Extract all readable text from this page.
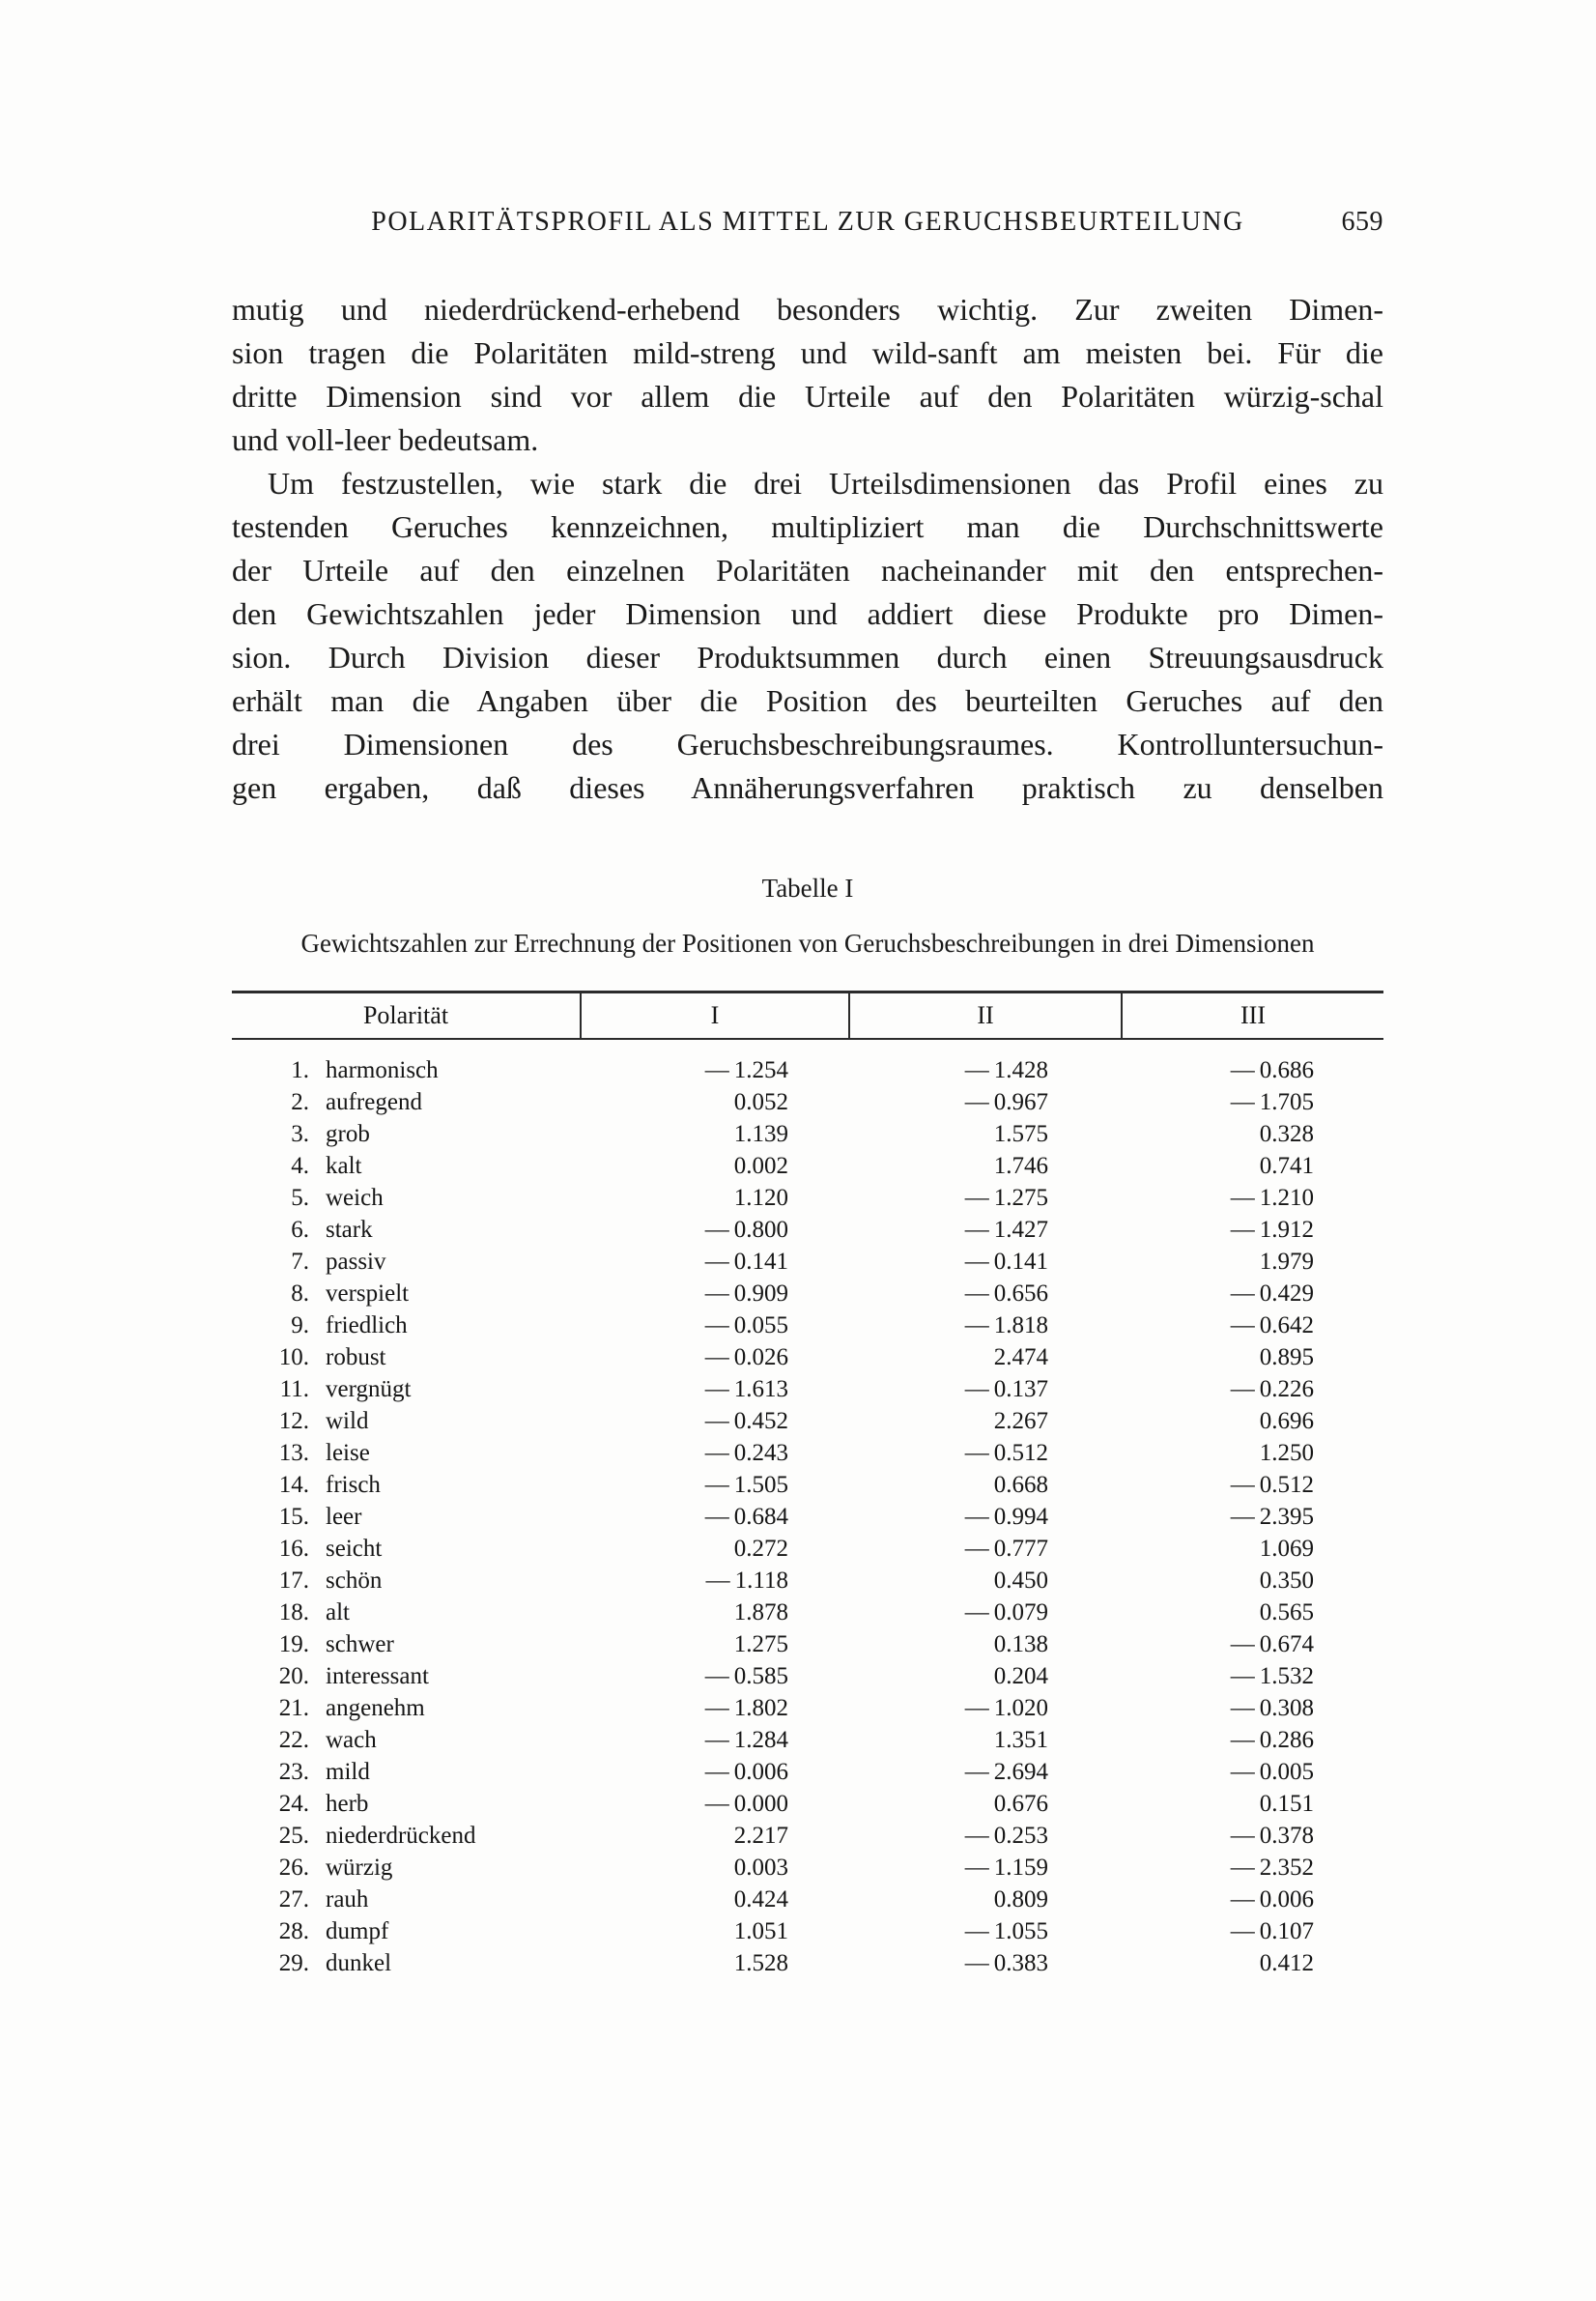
POLARITÄTSPROFIL ALS MITTEL ZUR GERUCHSBEURTEILUNG	659
mutig und niederdrückend-erhebend besonders wichtig. Zur zweiten Dimen-
sion tragen die Polaritäten mild-streng und wild-sanft am meisten bei. Für die
dritte Dimension sind vor allem die Urteile auf den Polaritäten würzig-schal
und voll-leer bedeutsam.
Um festzustellen, wie stark die drei Urteilsdimensionen das Profil eines zu
testenden Geruches kennzeichnen, multipliziert man die Durchschnittswerte
der Urteile auf den einzelnen Polaritäten nacheinander mit den entsprechen-
den Gewichtszahlen jeder Dimension und addiert diese Produkte pro Dimen-
sion. Durch Division dieser Produktsummen durch einen Streuungsausdruck
erhält man die Angaben über die Position des beurteilten Geruches auf den
drei Dimensionen des Geruchsbeschreibungsraumes. Kontrolluntersuchun-
gen ergaben, daß dieses Annäherungsverfahren praktisch zu denselben
Tabelle I
Gewichtszahlen zur Errechnung der Positionen von Geruchsbeschreibungen in drei Dimensionen
Polarität	I	II	III
1. harmonisch	— 1.254	— 1.428	— 0.686
2. aufregend	0.052	— 0.967	— 1.705
3. grob	1.139	1.575	0.328
4. kalt	0.002	1.746	0.741
5. weich	1.120	— 1.275	— 1.210
6. stark	— 0.800	— 1.427	— 1.912
7. passiv	— 0.141	— 0.141	1.979
8. verspielt	— 0.909	— 0.656	— 0.429
9. friedlich	— 0.055	— 1.818	— 0.642
10. robust	— 0.026	2.474	0.895
11. vergnügt	— 1.613	— 0.137	— 0.226
12. wild	— 0.452	2.267	0.696
13. leise	— 0.243	— 0.512	1.250
14. frisch	— 1.505	0.668	— 0.512
15. leer	— 0.684	— 0.994	— 2.395
16. seicht	0.272	— 0.777	1.069
17. schön	— 1.118	0.450	0.350
18. alt	1.878	— 0.079	0.565
19. schwer	1.275	0.138	— 0.674
20. interessant	— 0.585	0.204	— 1.532
21. angenehm	— 1.802	— 1.020	— 0.308
22. wach	— 1.284	1.351	— 0.286
23. mild	— 0.006	— 2.694	— 0.005
24. herb	— 0.000	0.676	0.151
25. niederdrückend	2.217	— 0.253	— 0.378
26. würzig	0.003	— 1.159	— 2.352
27. rauh	0.424	0.809	— 0.006
28. dumpf	1.051	— 1.055	— 0.107
29. dunkel	1.528	— 0.383	0.412
